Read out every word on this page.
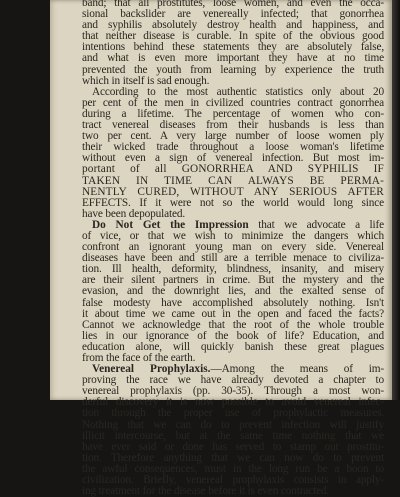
band; that all prostitutes, loose women, and even the occa-
sional backslider are venereally infected; that gonorrhea
and syphilis absolutely destroy health and happiness, and
that neither disease is curable. In spite of the obvious good
intentions behind these statements they are absolutely false,
and what is even more important they have at no time
prevented the youth from learning by experience the truth
which in itself is sad enough.
According to the most authentic statistics only about 20
per cent of the men in civilized countries contract gonorrhea
during a lifetime. The percentage of women who con-
tract venereal diseases from their husbands is less than
two per cent. A very large number of loose women ply
their wicked trade throughout a loose woman's lifetime
without even a sign of venereal infection. But most im-
portant of all GONORRHEA AND SYPHILIS IF
TAKEN IN TIME CAN ALWAYS BE PERMA-
NENTLY CURED, WITHOUT ANY SERIOUS AFTER
EFFECTS. If it were not so the world would long since
have been depopulated.
Do Not Get the Impression that we advocate a life
of vice, or that we wish to minimize the dangers which
confront an ignorant young man on every side. Venereal
diseases have been and still are a terrible menace to civiliza-
tion. Ill health, deformity, blindness, insanity, and misery
are their silent partners in crime. But the mystery and the
evasion, and the downright lies, and the exalted sense of
false modesty have accomplished absolutely nothing. Isn't
it about time we came out in the open and faced the facts?
Cannot we acknowledge that the root of the whole trouble
lies in our ignorance of the book of life? Education, and
education alone, will quickly banish these great plagues
from the face of the earth.
Venereal Prophylaxis.—Among the means of im-
proving the race we have already devoted a chapter to
venereal prophylaxis (pp. 30-35). Through a most won-
derful discovery it is now possible to avoid venereal infec-
tion through the proper use of prophylactic measures.
Nothing that we can do to prevent infection will justify
illicit intercourse, but at the same time nothing that we
have ever said or done has served to stamp out prostitu-
tion. Therefore anything that we can now do to prevent
the awful consequences, must in the long run be a boon to
civilization. Briefly, venereal prophylaxis consists in apply-
ing treatment for the disease before it is even contracted.
